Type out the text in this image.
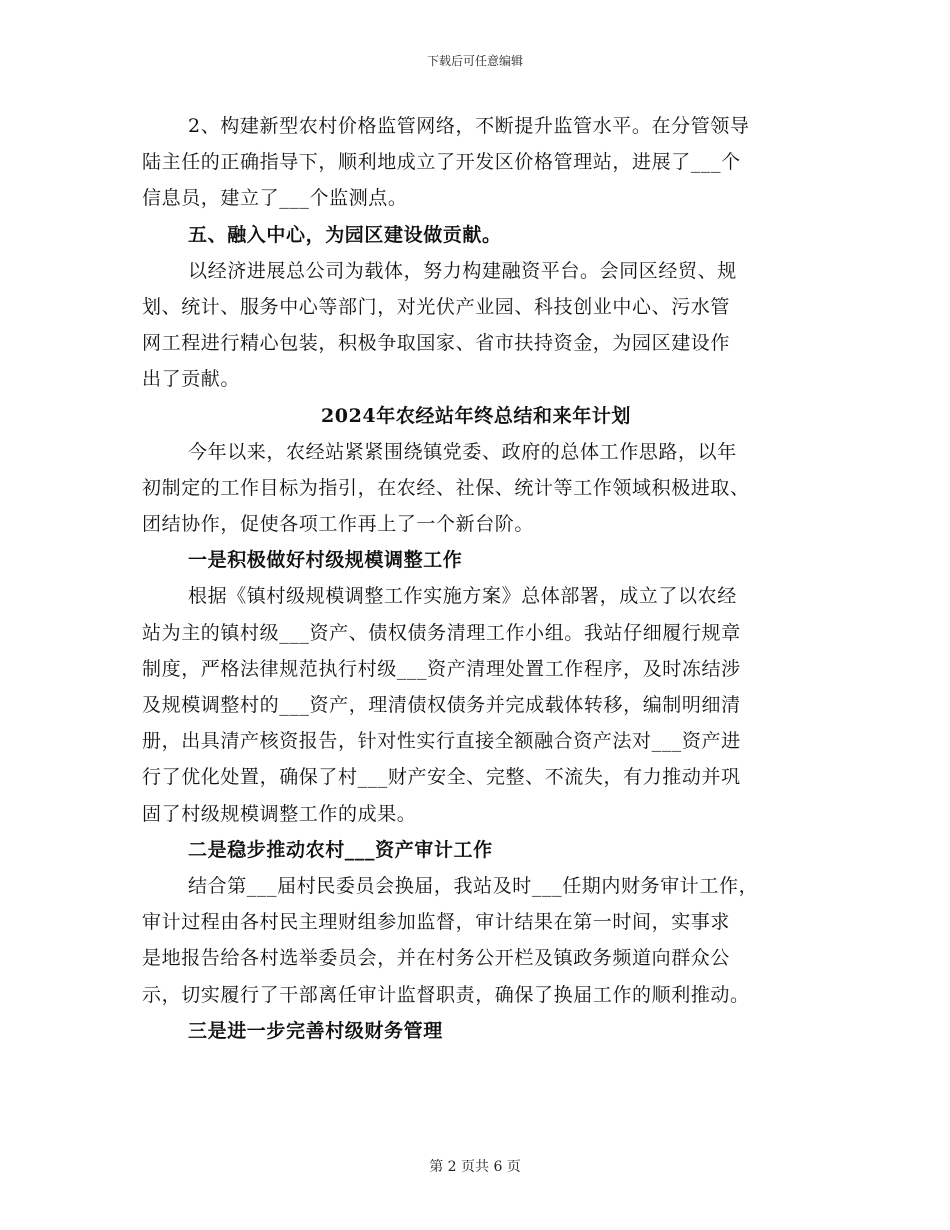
下载后可任意编辑
2、构建新型农村价格监管网络，不断提升监管水平。在分管领导
陆主任的正确指导下，顺利地成立了开发区价格管理站，进展了___个
信息员，建立了___个监测点。
五、融入中心，为园区建设做贡献。
以经济进展总公司为载体，努力构建融资平台。会同区经贸、规
划、统计、服务中心等部门，对光伏产业园、科技创业中心、污水管
网工程进行精心包装，积极争取国家、省市扶持资金，为园区建设作
出了贡献。
2024年农经站年终总结和来年计划
今年以来，农经站紧紧围绕镇党委、政府的总体工作思路，以年
初制定的工作目标为指引，在农经、社保、统计等工作领域积极进取、
团结协作，促使各项工作再上了一个新台阶。
一是积极做好村级规模调整工作
根据《镇村级规模调整工作实施方案》总体部署，成立了以农经
站为主的镇村级___资产、债权债务清理工作小组。我站仔细履行规章
制度，严格法律规范执行村级___资产清理处置工作程序，及时冻结涉
及规模调整村的___资产，理清债权债务并完成载体转移，编制明细清
册，出具清产核资报告，针对性实行直接全额融合资产法对___资产进
行了优化处置，确保了村___财产安全、完整、不流失，有力推动并巩
固了村级规模调整工作的成果。
二是稳步推动农村___资产审计工作
结合第___届村民委员会换届，我站及时___任期内财务审计工作，
审计过程由各村民主理财组参加监督，审计结果在第一时间，实事求
是地报告给各村选举委员会，并在村务公开栏及镇政务频道向群众公
示，切实履行了干部离任审计监督职责，确保了换届工作的顺利推动。
三是进一步完善村级财务管理
第 2 页共 6 页
